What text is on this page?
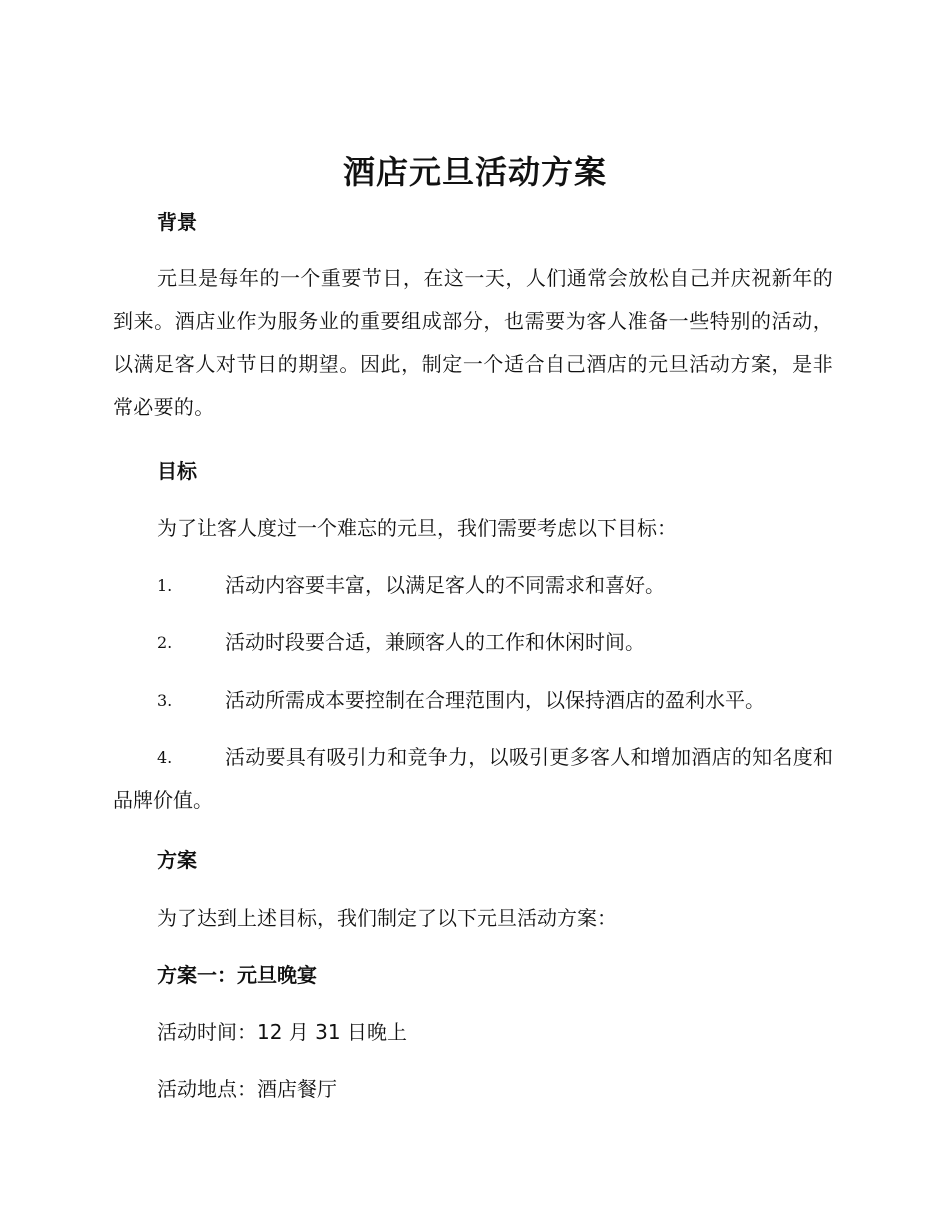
酒店元旦活动方案
背景
元旦是每年的一个重要节日，在这一天，人们通常会放松自己并庆祝新年的到来。酒店业作为服务业的重要组成部分，也需要为客人准备一些特别的活动，以满足客人对节日的期望。因此，制定一个适合自己酒店的元旦活动方案，是非常必要的。
目标
为了让客人度过一个难忘的元旦，我们需要考虑以下目标：
1.	活动内容要丰富，以满足客人的不同需求和喜好。
2.	活动时段要合适，兼顾客人的工作和休闲时间。
3.	活动所需成本要控制在合理范围内，以保持酒店的盈利水平。
4.	活动要具有吸引力和竞争力，以吸引更多客人和增加酒店的知名度和品牌价值。
方案
为了达到上述目标，我们制定了以下元旦活动方案：
方案一：元旦晚宴
活动时间：12 月 31 日晚上
活动地点：酒店餐厅
